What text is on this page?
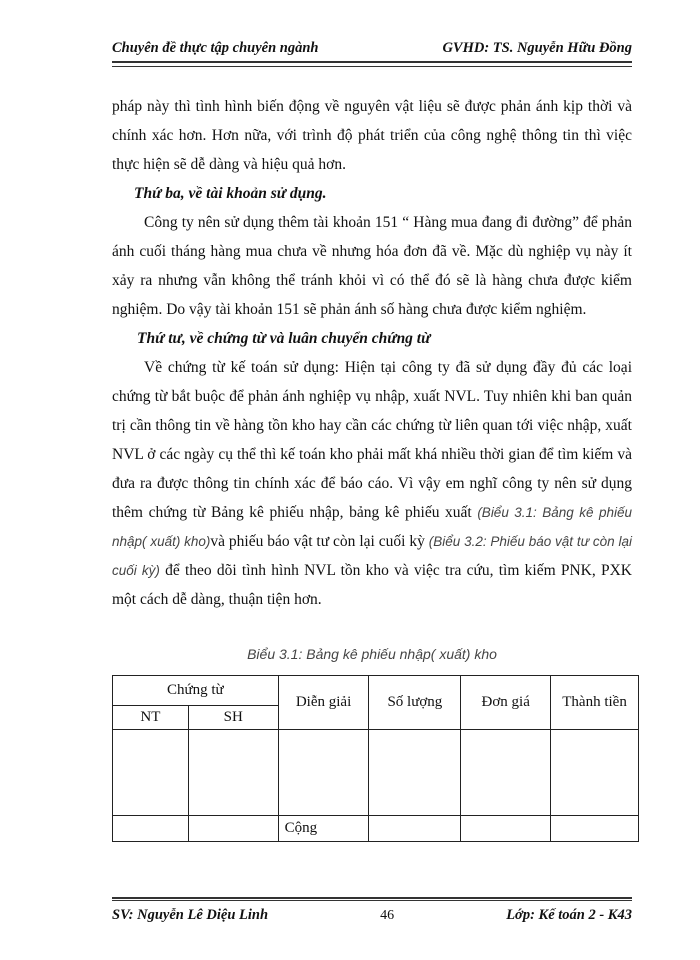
Chuyên đề thực tập chuyên ngành	GVHD: TS. Nguyễn Hữu Đồng

pháp này thì tình hình biến động về nguyên vật liệu sẽ được phản ánh kịp thời và chính xác hơn. Hơn nữa, với trình độ phát triển của công nghệ thông tin thì việc thực hiện sẽ dễ dàng và hiệu quả hơn.

Thứ ba, về tài khoản sử dụng.

Công ty nên sử dụng thêm tài khoản 151 “ Hàng mua đang đi đường” để phản ánh cuối tháng hàng mua chưa về nhưng hóa đơn đã về. Mặc dù nghiệp vụ này ít xảy ra nhưng vẫn không thể tránh khỏi vì có thể đó sẽ là hàng chưa được kiểm nghiệm. Do vậy tài khoản 151 sẽ phản ánh số hàng chưa được kiểm nghiệm.

Thứ tư, về chứng từ và luân chuyển chứng từ

Về chứng từ kế toán sử dụng: Hiện tại công ty đã sử dụng đầy đủ các loại chứng từ bắt buộc để phản ánh nghiệp vụ nhập, xuất NVL. Tuy nhiên khi ban quản trị cần thông tin về hàng tồn kho hay cần các chứng từ liên quan tới việc nhập, xuất NVL ở các ngày cụ thể thì kế toán kho phải mất khá nhiều thời gian để tìm kiếm và đưa ra được thông tin chính xác để báo cáo. Vì vậy em nghĩ công ty nên sử dụng thêm chứng từ Bảng kê phiếu nhập, bảng kê phiếu xuất (Biểu 3.1: Bảng kê phiếu nhập( xuất) kho)và phiếu báo vật tư còn lại cuối kỳ (Biểu 3.2: Phiếu báo vật tư còn lại cuối kỳ) để theo dõi tình hình NVL tồn kho và việc tra cứu, tìm kiếm PNK, PXK một cách dễ dàng, thuận tiện hơn.

Biểu 3.1: Bảng kê phiếu nhập( xuất) kho
Chứng từ		Diễn giải	Số lượng	Đơn giá	Thành tiền
NT	SH				

		Cộng			
SV: Nguyễn Lê Diệu Linh	46	Lớp: Kế toán 2 - K43
